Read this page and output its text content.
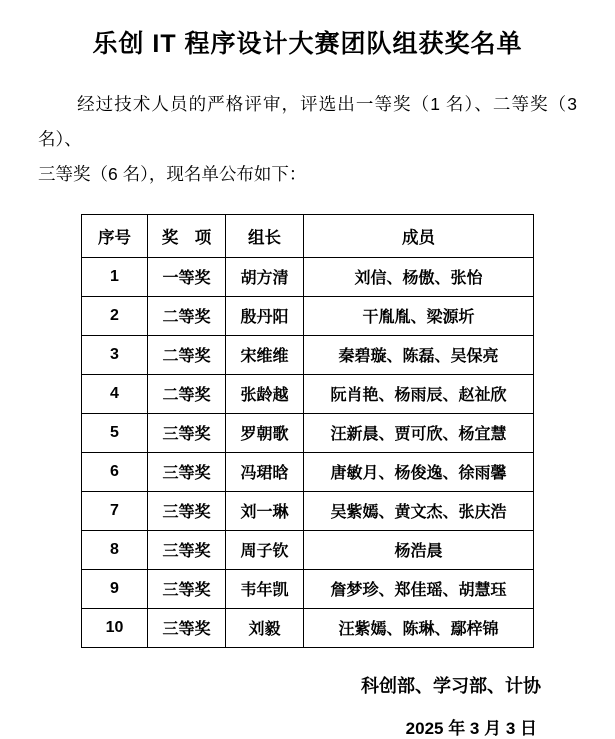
乐创 IT 程序设计大赛团队组获奖名单
经过技术人员的严格评审，评选出一等奖（1 名）、二等奖（3 名）、
三等奖（6 名），现名单公布如下：
序号	奖　项	组长	成员
1	一等奖	胡方清	刘信、杨傲、张怡
2	二等奖	殷丹阳	干胤胤、梁源圻
3	二等奖	宋维维	秦碧璇、陈磊、吴保亮
4	二等奖	张龄越	阮肖艳、杨雨辰、赵祉欣
5	三等奖	罗朝歌	汪新晨、贾可欣、杨宜慧
6	三等奖	冯珺晗	唐敏月、杨俊逸、徐雨馨
7	三等奖	刘一琳	吴紫嫣、黄文杰、张庆浩
8	三等奖	周子钦	杨浩晨
9	三等奖	韦年凯	詹梦珍、郑佳瑶、胡慧珏
10	三等奖	刘毅	汪紫嫣、陈琳、鄢梓锦
科创部、学习部、计协
2025 年 3 月 3 日
